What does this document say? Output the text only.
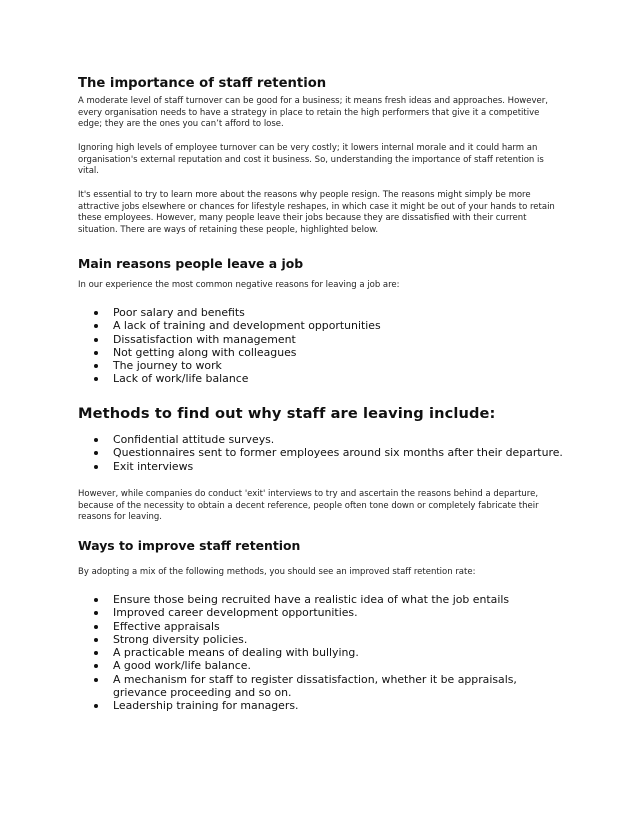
The importance of staff retention

A moderate level of staff turnover can be good for a business; it means fresh ideas and approaches. However, every organisation needs to have a strategy in place to retain the high performers that give it a competitive edge; they are the ones you can’t afford to lose.

Ignoring high levels of employee turnover can be very costly; it lowers internal morale and it could harm an organisation's external reputation and cost it business. So, understanding the importance of staff retention is vital.

It's essential to try to learn more about the reasons why people resign. The reasons might simply be more attractive jobs elsewhere or chances for lifestyle reshapes, in which case it might be out of your hands to retain these employees. However, many people leave their jobs because they are dissatisfied with their current situation. There are ways of retaining these people, highlighted below.

Main reasons people leave a job

In our experience the most common negative reasons for leaving a job are:

Poor salary and benefits
A lack of training and development opportunities
Dissatisfaction with management
Not getting along with colleagues
The journey to work
Lack of work/life balance
Methods to find out why staff are leaving include:
Confidential attitude surveys.
Questionnaires sent to former employees around six months after their departure.
Exit interviews

However, while companies do conduct 'exit' interviews to try and ascertain the reasons behind a departure, because of the necessity to obtain a decent reference, people often tone down or completely fabricate their reasons for leaving.

Ways to improve staff retention

By adopting a mix of the following methods, you should see an improved staff retention rate:

Ensure those being recruited have a realistic idea of what the job entails
Improved career development opportunities.
Effective appraisals
Strong diversity policies.
A practicable means of dealing with bullying.
A good work/life balance.
A mechanism for staff to register dissatisfaction, whether it be appraisals, grievance proceeding and so on.
Leadership training for managers.
